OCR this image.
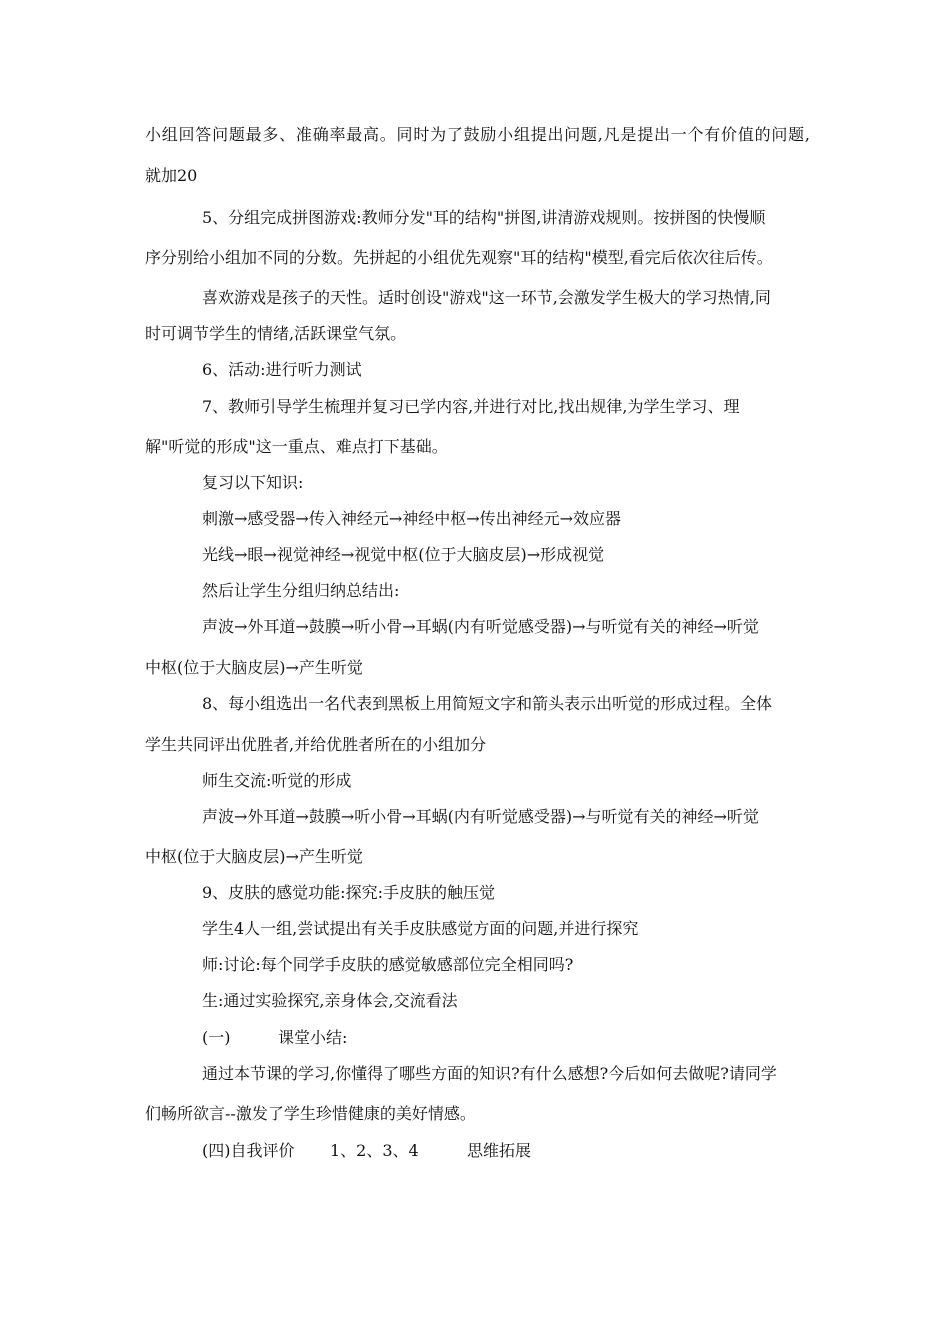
小组回答问题最多、准确率最高。同时为了鼓励小组提出问题,凡是提出一个有价值的问题,
就加20
5、分组完成拼图游戏:教师分发"耳的结构"拼图,讲清游戏规则。按拼图的快慢顺
序分别给小组加不同的分数。先拼起的小组优先观察"耳的结构"模型,看完后依次往后传。
喜欢游戏是孩子的天性。适时创设"游戏"这一环节,会激发学生极大的学习热情,同
时可调节学生的情绪,活跃课堂气氛。
6、活动:进行听力测试
7、教师引导学生梳理并复习已学内容,并进行对比,找出规律,为学生学习、理
解"听觉的形成"这一重点、难点打下基础。
复习以下知识:
刺激→感受器→传入神经元→神经中枢→传出神经元→效应器
光线→眼→视觉神经→视觉中枢(位于大脑皮层)→形成视觉
然后让学生分组归纳总结出:
声波→外耳道→鼓膜→听小骨→耳蜗(内有听觉感受器)→与听觉有关的神经→听觉
中枢(位于大脑皮层)→产生听觉
8、每小组选出一名代表到黑板上用简短文字和箭头表示出听觉的形成过程。全体
学生共同评出优胜者,并给优胜者所在的小组加分
师生交流:听觉的形成
声波→外耳道→鼓膜→听小骨→耳蜗(内有听觉感受器)→与听觉有关的神经→听觉
中枢(位于大脑皮层)→产生听觉
9、皮肤的感觉功能:探究:手皮肤的触压觉
学生4人一组,尝试提出有关手皮肤感觉方面的问题,并进行探究
师:讨论:每个同学手皮肤的感觉敏感部位完全相同吗?
生:通过实验探究,亲身体会,交流看法
(一)	课堂小结:
通过本节课的学习,你懂得了哪些方面的知识?有什么感想?今后如何去做呢?请同学
们畅所欲言--激发了学生珍惜健康的美好情感。
(四)自我评价 1、2、3、4	思维拓展
